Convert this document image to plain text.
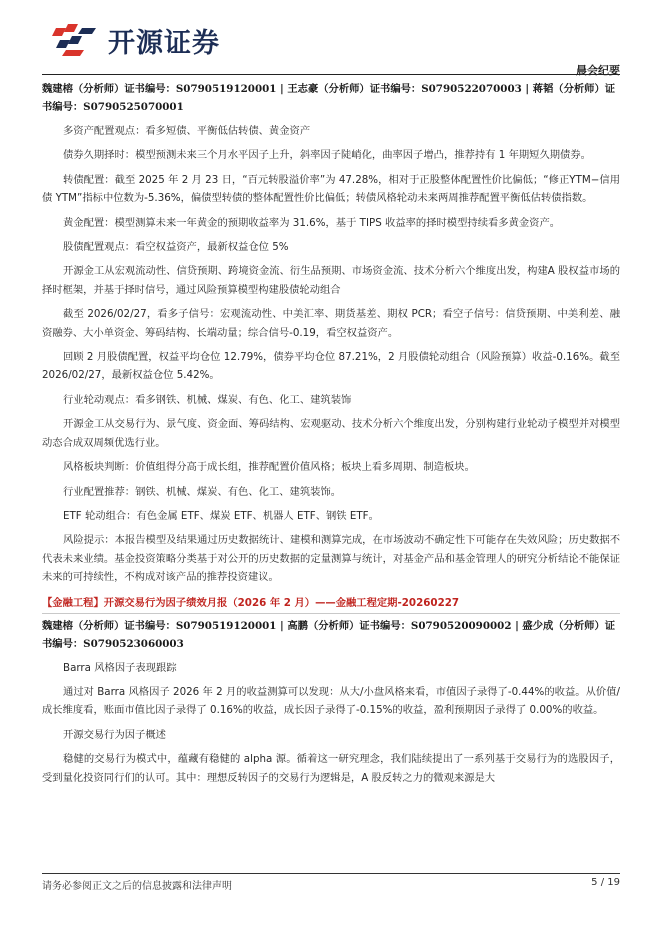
开源证券
晨会纪要
魏建榕（分析师）证书编号：S0790519120001 | 王志豪（分析师）证书编号：S0790522070003 | 蒋韬（分析师）证书编号：S0790525070001

多资产配置观点：看多短债、平衡低估转债、黄金资产

债券久期择时：模型预测未来三个月水平因子上升，斜率因子陡峭化，曲率因子增凸，推荐持有 1 年期短久期债券。

转债配置：截至 2025 年 2 月 23 日，“百元转股溢价率”为 47.28%，相对于正股整体配置性价比偏低；“修正YTM−信用债 YTM”指标中位数为-5.36%，偏债型转债的整体配置性价比偏低；转债风格轮动未来两周推荐配置平衡低估转债指数。

黄金配置：模型测算未来一年黄金的预期收益率为 31.6%，基于 TIPS 收益率的择时模型持续看多黄金资产。

股债配置观点：看空权益资产，最新权益仓位 5%

开源金工从宏观流动性、信贷预期、跨境资金流、衍生品预期、市场资金流、技术分析六个维度出发，构建A 股权益市场的择时框架，并基于择时信号，通过风险预算模型构建股债轮动组合

截至 2026/02/27，看多子信号：宏观流动性、中美汇率、期货基差、期权 PCR；看空子信号：信贷预期、中美利差、融资融券、大小单资金、筹码结构、长端动量；综合信号-0.19，看空权益资产。

回顾 2 月股债配置，权益平均仓位 12.79%，债券平均仓位 87.21%，2 月股债轮动组合（风险预算）收益-0.16%。截至 2026/02/27，最新权益仓位 5.42%。

行业轮动观点：看多钢铁、机械、煤炭、有色、化工、建筑装饰

开源金工从交易行为、景气度、资金面、筹码结构、宏观驱动、技术分析六个维度出发，分别构建行业轮动子模型并对模型动态合成双周频优选行业。

风格板块判断：价值组得分高于成长组，推荐配置价值风格；板块上看多周期、制造板块。

行业配置推荐：钢铁、机械、煤炭、有色、化工、建筑装饰。

ETF 轮动组合：有色金属 ETF、煤炭 ETF、机器人 ETF、钢铁 ETF。

风险提示：本报告模型及结果通过历史数据统计、建模和测算完成，在市场波动不确定性下可能存在失效风险；历史数据不代表未来业绩。基金投资策略分类基于对公开的历史数据的定量测算与统计，对基金产品和基金管理人的研究分析结论不能保证未来的可持续性，不构成对该产品的推荐投资建议。

【金融工程】开源交易行为因子绩效月报（2026 年 2 月）——金融工程定期-20260227
魏建榕（分析师）证书编号：S0790519120001 | 高鹏（分析师）证书编号：S0790520090002 | 盛少成（分析师）证书编号：S0790523060003

Barra 风格因子表现跟踪

通过对 Barra 风格因子 2026 年 2 月的收益测算可以发现：从大/小盘风格来看，市值因子录得了-0.44%的收益。从价值/成长维度看，账面市值比因子录得了 0.16%的收益，成长因子录得了-0.15%的收益，盈利预期因子录得了 0.00%的收益。

开源交易行为因子概述

稳健的交易行为模式中，蕴藏有稳健的 alpha 源。循着这一研究理念，我们陆续提出了一系列基于交易行为的选股因子，受到量化投资同行们的认可。其中：理想反转因子的交易行为逻辑是，A 股反转之力的微观来源是大

请务必参阅正文之后的信息披露和法律声明	5 / 19
